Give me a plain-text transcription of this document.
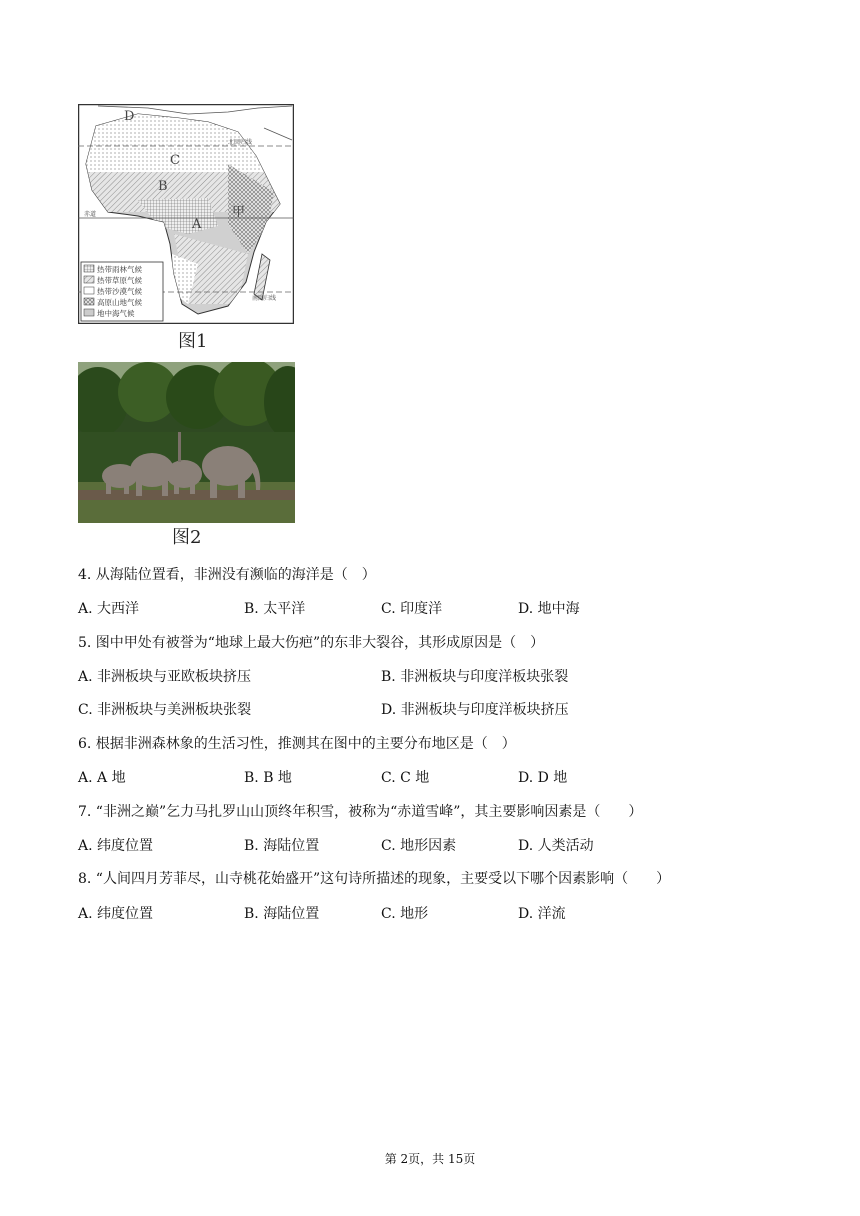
D
C
B
A
甲
北回归线
赤道
南回归线
热带雨林气候
热带草原气候
热带沙漠气候
高原山地气候
地中海气候
图1
图2
4. 从海陆位置看，非洲没有濒临的海洋是（　）
A. 大西洋	B. 太平洋	C. 印度洋	D. 地中海
5. 图中甲处有被誉为“地球上最大伤疤”的东非大裂谷，其形成原因是（　）
A. 非洲板块与亚欧板块挤压	B. 非洲板块与印度洋板块张裂
C. 非洲板块与美洲板块张裂	D. 非洲板块与印度洋板块挤压
6. 根据非洲森林象的生活习性，推测其在图中的主要分布地区是（　）
A. A 地	B. B 地	C. C 地	D. D 地
7. “非洲之巅”乞力马扎罗山山顶终年积雪，被称为“赤道雪峰”，其主要影响因素是（　　）
A. 纬度位置	B. 海陆位置	C. 地形因素	D. 人类活动
8. “人间四月芳菲尽，山寺桃花始盛开”这句诗所描述的现象，主要受以下哪个因素影响（　　）
A. 纬度位置	B. 海陆位置	C. 地形	D. 洋流
第 2页，共 15页
